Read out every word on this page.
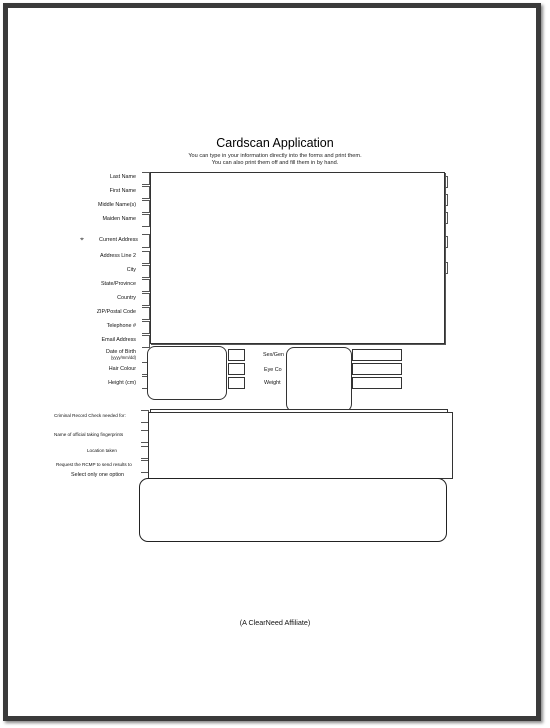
Cardscan Application
You can type in your information directly into the forms and print them.
You can also print them off and fill them in by hand.
Last Name
First Name
Middle Name(s)
Maiden Name
⌖	Current Address
Address Line 2
City
State/Province
Country
ZIP/Postal Code
Telephone #
Email Address
Date of Birth
(yyyy/mm/dd)
Hair Colour
Height (cm)
Sex/Gen
Eye Co
Weight
Criminal Record Check needed for:
Name of official taking fingerprints
Location taken
Request the RCMP to send results to
Select only one option
(A ClearNeed Affiliate)
